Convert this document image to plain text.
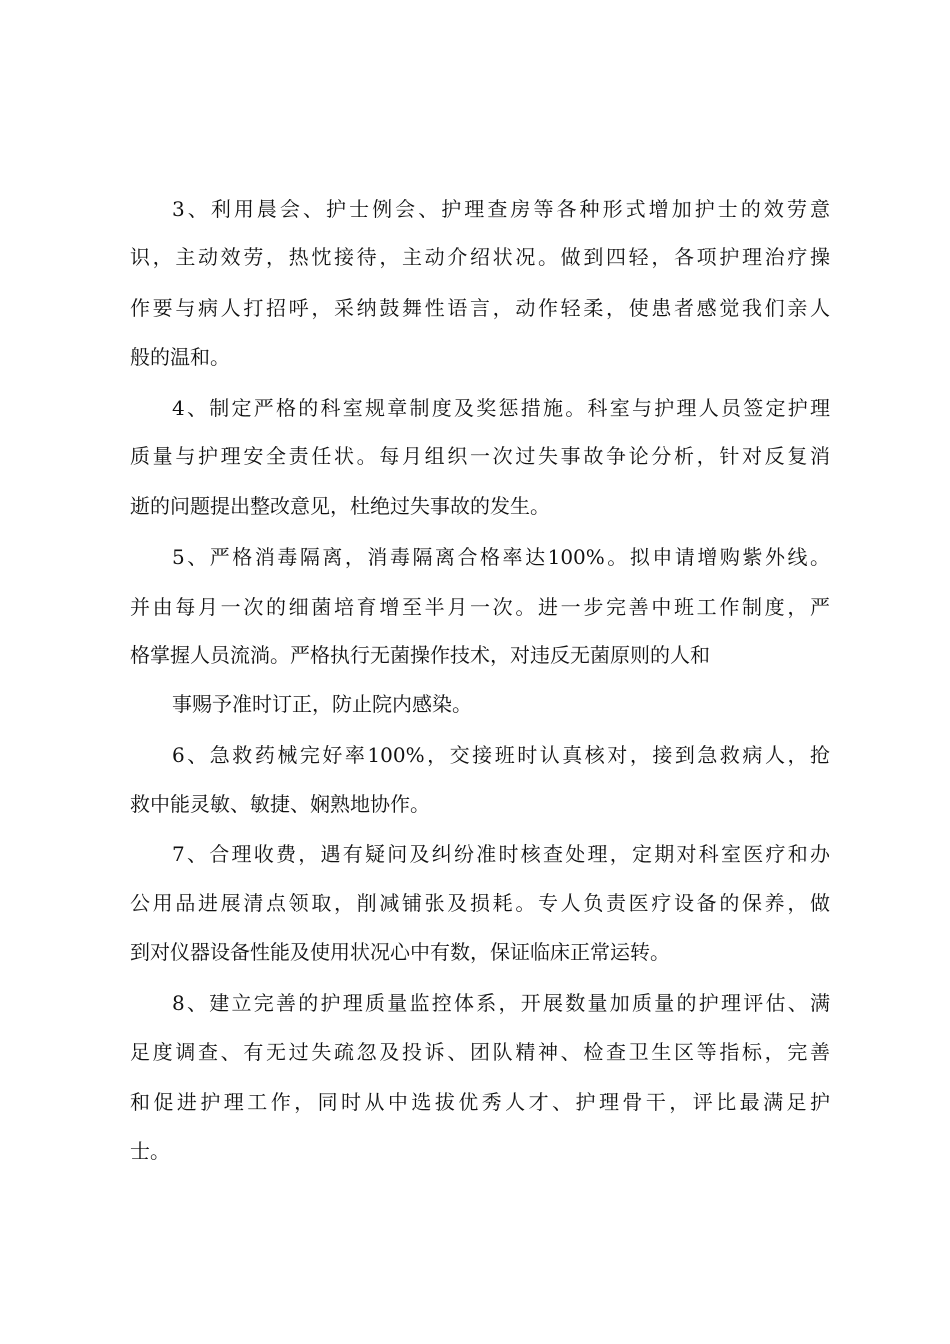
3、利用晨会、护士例会、护理查房等各种形式增加护士的效劳意
识，主动效劳，热忱接待，主动介绍状况。做到四轻，各项护理治疗操
作要与病人打招呼，采纳鼓舞性语言，动作轻柔，使患者感觉我们亲人
般的温和。
4、制定严格的科室规章制度及奖惩措施。科室与护理人员签定护理
质量与护理安全责任状。每月组织一次过失事故争论分析，针对反复消
逝的问题提出整改意见，杜绝过失事故的发生。
5、严格消毒隔离，消毒隔离合格率达100%。拟申请增购紫外线。
并由每月一次的细菌培育增至半月一次。进一步完善中班工作制度，严
格掌握人员流淌。严格执行无菌操作技术，对违反无菌原则的人和
事赐予准时订正，防止院内感染。
6、急救药械完好率100%，交接班时认真核对，接到急救病人，抢
救中能灵敏、敏捷、娴熟地协作。
7、合理收费，遇有疑问及纠纷准时核查处理，定期对科室医疗和办
公用品进展清点领取，削减铺张及损耗。专人负责医疗设备的保养，做
到对仪器设备性能及使用状况心中有数，保证临床正常运转。
8、建立完善的护理质量监控体系，开展数量加质量的护理评估、满
足度调查、有无过失疏忽及投诉、团队精神、检查卫生区等指标，完善
和促进护理工作，同时从中选拔优秀人才、护理骨干，评比最满足护
士。
